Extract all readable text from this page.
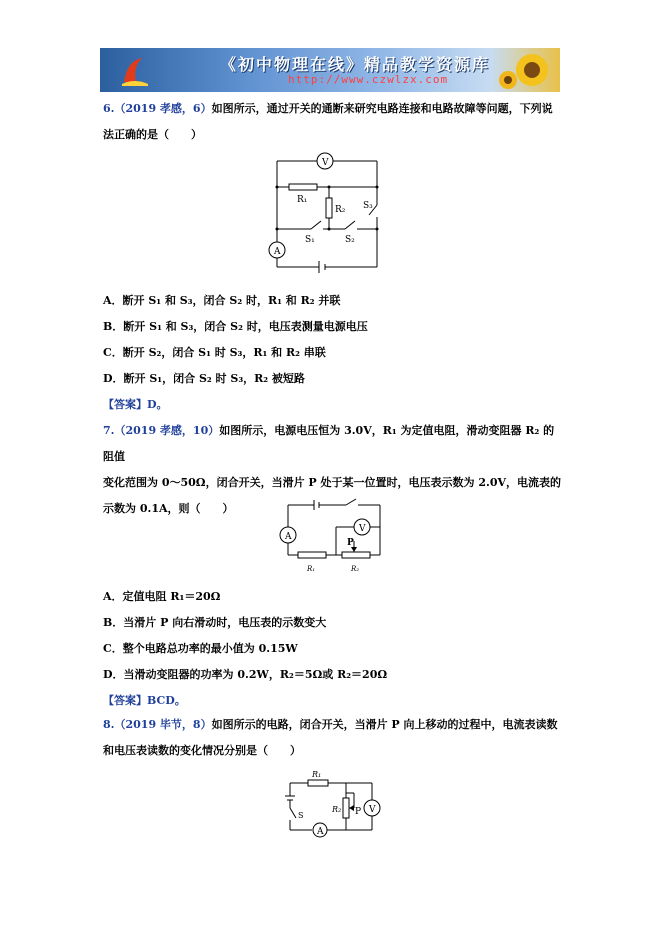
《初中物理在线》精品教学资源库
http://www.czwlzx.com
6.（2019 孝感，6）如图所示，通过开关的通断来研究电路连接和电路故障等问题，下列说
法正确的是（　　）
V
A
R₁
R₂ S₃
S₁	S₂
A．断开 S₁ 和 S₃，闭合 S₂ 时，R₁ 和 R₂ 并联
B．断开 S₁ 和 S₃，闭合 S₂ 时，电压表测量电源电压
C．断开 S₂，闭合 S₁ 时 S₃，R₁ 和 R₂ 串联
D．断开 S₁，闭合 S₂ 时 S₃，R₂ 被短路
【答案】D。
7.（2019 孝感，10）如图所示，电源电压恒为 3.0V，R₁ 为定值电阻，滑动变阻器 R₂ 的阻值
变化范围为 0～50Ω，闭合开关，当滑片 P 处于某一位置时，电压表示数为 2.0V，电流表的
示数为 0.1A，则（　　）
A
V
P
R₁	R₂
A．定值电阻 R₁＝20Ω
B．当滑片 P 向右滑动时，电压表的示数变大
C．整个电路总功率的最小值为 0.15W
D．当滑动变阻器的功率为 0.2W，R₂＝5Ω或 R₂＝20Ω
【答案】BCD。
8.（2019 毕节，8）如图所示的电路，闭合开关，当滑片 P 向上移动的过程中，电流表读数
和电压表读数的变化情况分别是（　　）
R₁
R₂ P
S
V
A
